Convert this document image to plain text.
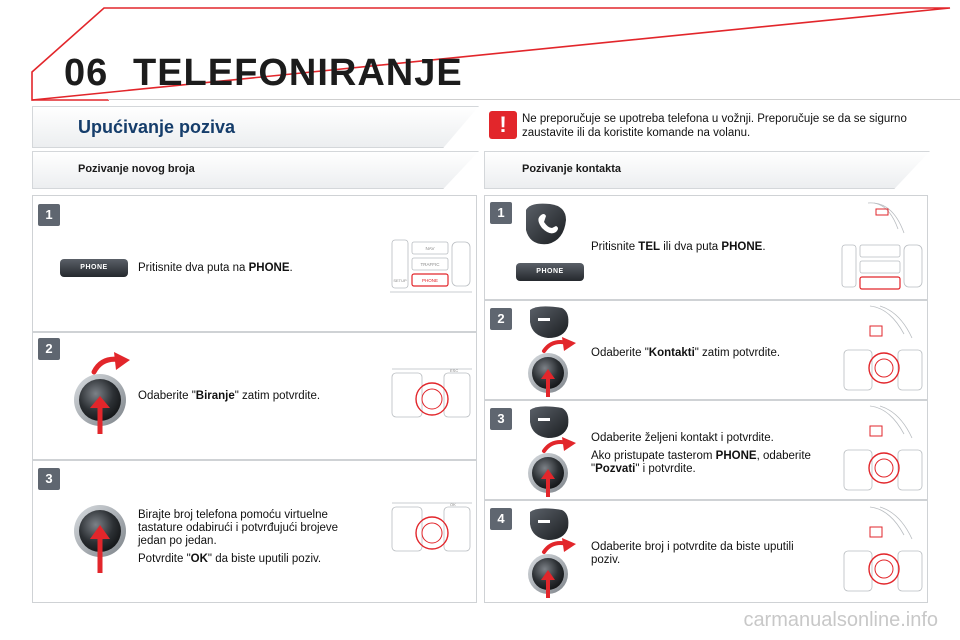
06 TELEFONIRANJE
Upućivanje poziva	!	Ne preporučuje se upotreba telefona u vožnji. Preporučuje se da se sigurno zaustavite ili da koristite komande na volanu.
Pozivanje novog broja	Pozivanje kontakta
1
PHONE	Pritisnite dva puta na PHONE.
2
Odaberite "Biranje" zatim potvrdite.
3

Birajte broj telefona pomoću virtuelne tastature odabirući i potvrđujući brojeve jedan po jedan.

Potvrdite "OK" da biste uputili poziv.

NAV
TRAFFIC
PHONE
SETUP
ESC
OK
1
PHONE
Pritisnite TEL ili dva puta PHONE.
2
Odaberite "Kontakti" zatim potvrdite.
3

Odaberite željeni kontakt i potvrdite.

Ako pristupate tasterom PHONE, odaberite "Pozvati" i potvrdite.

4

Odaberite broj i potvrdite da biste uputili poziv.

carmanualsonline.info
